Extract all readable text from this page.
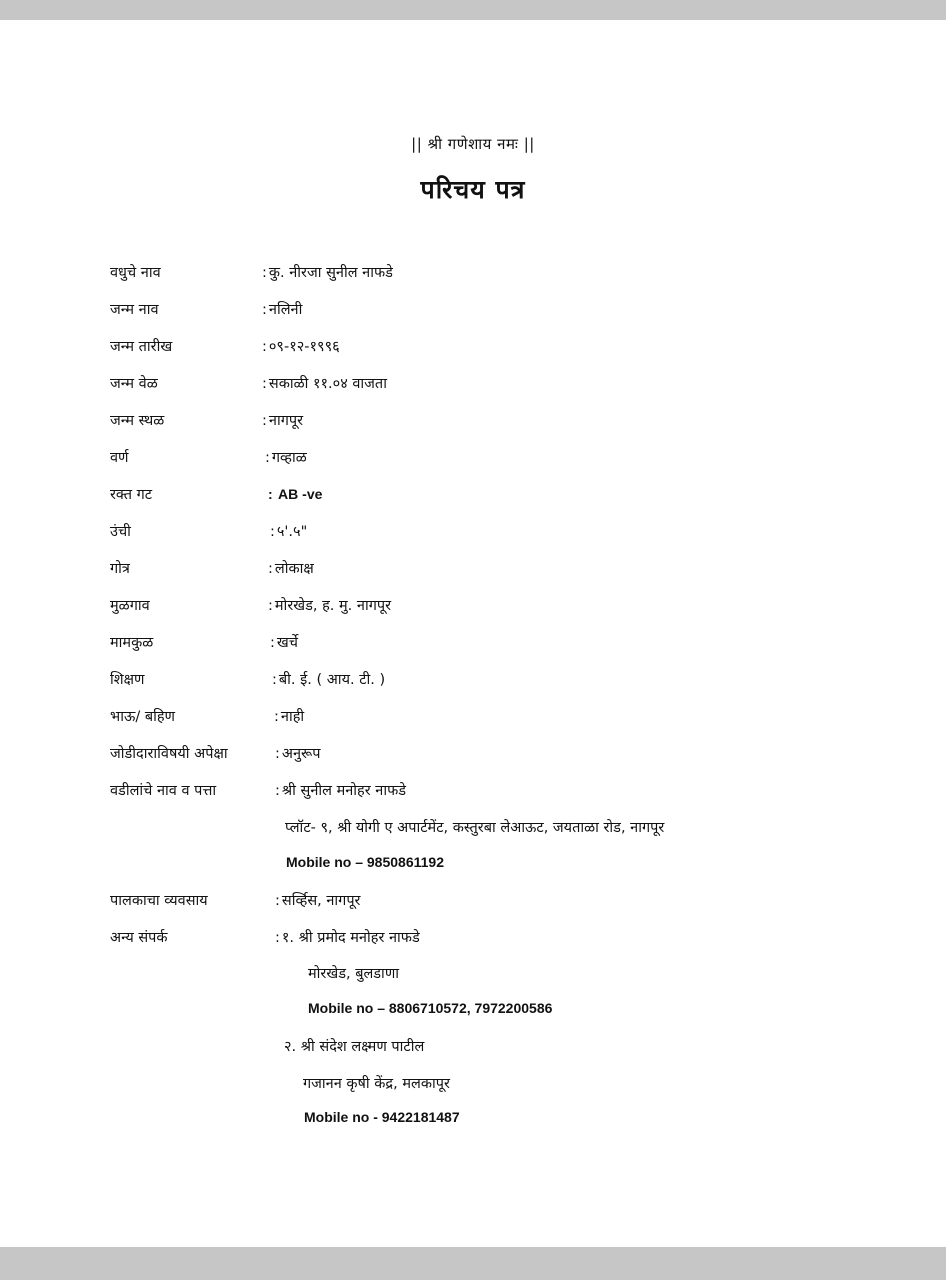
|| श्री गणेशाय नमः ||
परिचय पत्र
वधुचे नाव	: कु. नीरजा सुनील नाफडे
जन्म नाव	: नलिनी
जन्म तारीख	: ०९-१२-१९९६
जन्म वेळ	: सकाळी ११.०४ वाजता
जन्म स्थळ	: नागपूर
वर्ण	: गव्हाळ
रक्त गट	: AB -ve
उंची	: ५'.५"
गोत्र	: लोकाक्ष
मुळगाव	: मोरखेड, ह. मु. नागपूर
मामकुळ	: खर्चे
शिक्षण	: बी. ई. ( आय. टी. )
भाऊ/ बहिण	: नाही
जोडीदाराविषयी अपेक्षा	: अनुरूप
वडीलांचे नाव व पत्ता	: श्री सुनील मनोहर नाफडे
प्लॉट- ९, श्री योगी ए अपार्टमेंट, कस्तुरबा लेआऊट, जयताळा रोड, नागपूर
Mobile no – 9850861192
पालकाचा व्यवसाय	: सर्व्हिस, नागपूर
अन्य संपर्क	: १. श्री प्रमोद मनोहर नाफडे
मोरखेड, बुलडाणा
Mobile no – 8806710572, 7972200586
२. श्री संदेश लक्ष्मण पाटील
गजानन कृषी केंद्र, मलकापूर
Mobile no - 9422181487
